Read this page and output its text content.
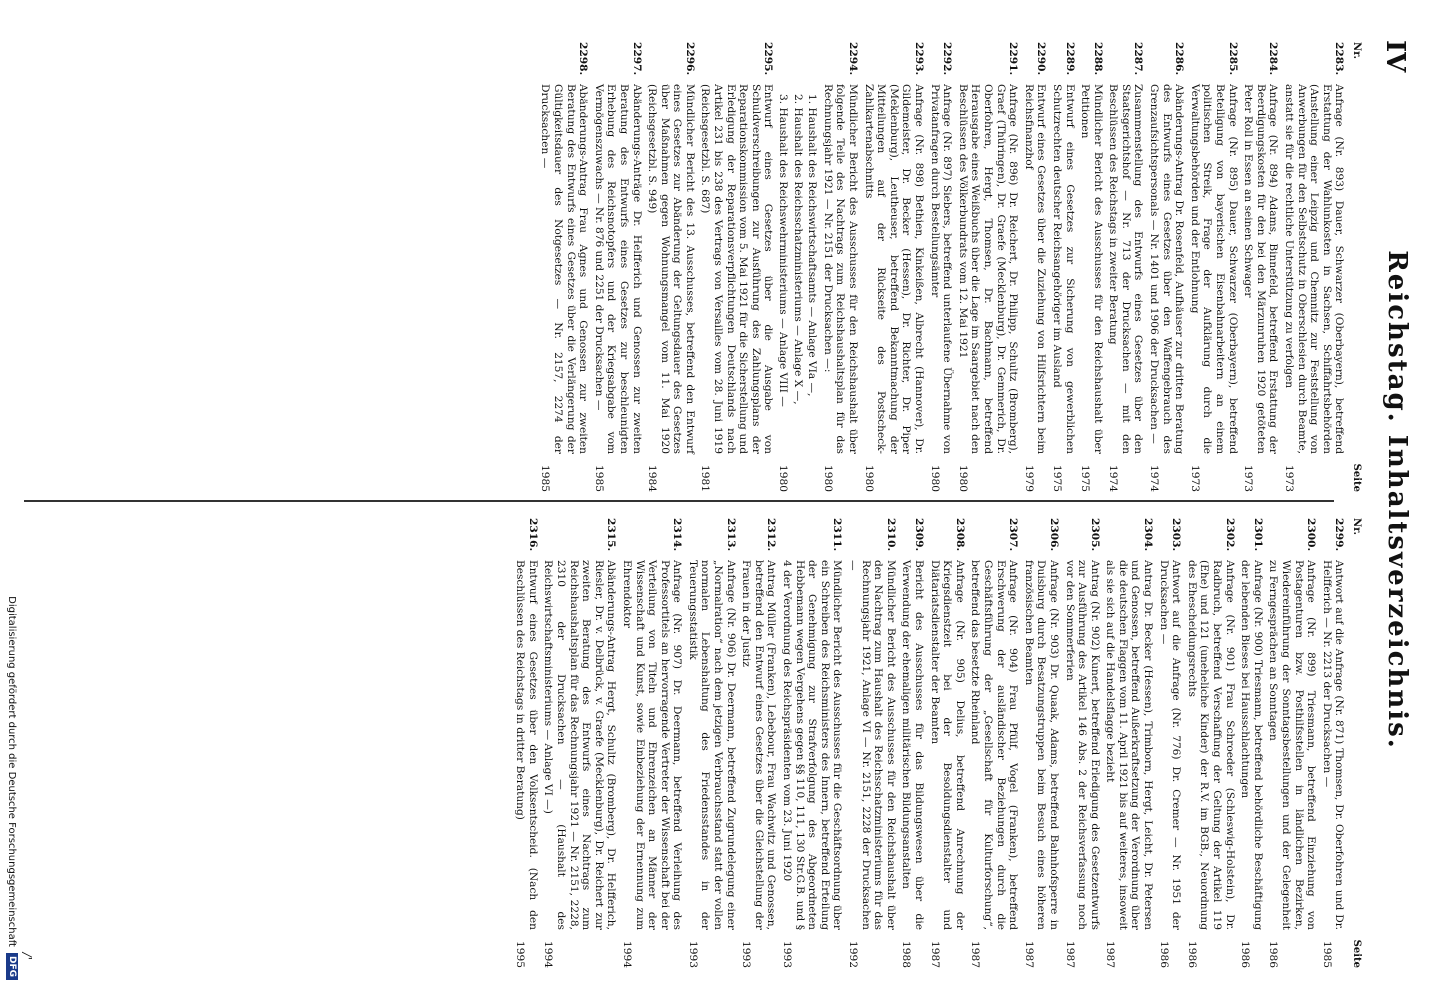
IV
Reichstag. Inhaltsverzeichnis.
Nr.
Seite
2283.
Anfrage (Nr. 893) Dauer, Schwarzer (Oberbayern), betreffend Erstattung der Wahlunkosten in Sachsen, Schiffahrtsbehörden (Anstellung einer Leipzig und Chemnitz zur Feststellung von Anwerbungen für den Selbstschutz in Oberschlesien durch Beamte, anstatt sie für die rechtliche Unterstützung zu verfolgen
1973
2284.
Anfrage (Nr. 894) Adams, Binnefeld, betreffend Erstattung der Beerdigungskosten für den bei den Märzunruhen 1920 getöteten Peter Roll in Essen an seinen Schwager
1973
2285.
Anfrage (Nr. 895) Dauer, Schwarzer (Oberbayern), betreffend Beteiligung von bayerischen Eisenbahnarbeitern an einem politischen Streik, Frage der Aufklärung durch die Verwaltungsbehörden und der Entlohnung
1973
2286.
Abänderungs-Antrag Dr. Rosenfeld, Aufhäuser zur dritten Beratung des Entwurfs eines Gesetzes über den Waffengebrauch des Grenzaufsichtspersonals — Nr. 1401 und 1906 der Drucksachen —
1974
2287.
Zusammenstellung des Entwurfs eines Gesetzes über den Staatsgerichtshof — Nr. 713 der Drucksachen — mit den Beschlüssen des Reichstags in zweiter Beratung
1974
2288.
Mündlicher Bericht des Ausschusses für den Reichshaushalt über Petitionen
1975
2289.
Entwurf eines Gesetzes zur Sicherung von gewerblichen Schutzrechten deutscher Reichsangehöriger im Ausland
1975
2290.
Entwurf eines Gesetzes über die Zuziehung von Hilfsrichtern beim Reichsfinanzhof
1979
2291.
Anfrage (Nr. 896) Dr. Reichert, Dr. Philipp, Schultz (Bromberg), Graef (Thüringen), Dr. Graefe (Mecklenburg), Dr. Gemmerich, Dr. Oberfohren, Hergt, Thomsen, Dr. Bachmann, betreffend Herausgabe eines Weißbuchs über die Lage im Saargebiet nach den Beschlüssen des Völkerbundrats vom 12. Mai 1921
1980
2292.
Anfrage (Nr. 897) Siebers, betreffend unterlaufene Übernahme von Privatanfragen durch Bestellungsämter
1980
2293.
Anfrage (Nr. 898) Bethien, Kinkeißen, Albrecht (Hannover), Dr. Gildemeister, Dr. Becker (Hessen), Dr. Richter, Dr. Piper (Meklenburg), Leutheuser, betreffend Bekanntmachung der Mitteilungen auf der Rückseite des Postscheck-Zahlkartenabschnitts
1980
2294.
Mündlicher Bericht des Ausschusses für den Reichshaushalt über folgende Teile des Nachtrags zum Reichshaushaltsplan für das Rechnungsjahr 1921 — Nr. 2151 der Drucksachen —:
1980
1. Haushalt des Reichswirtschaftsamts — Anlage VIa —,
2. Haushalt des Reichsschatzministeriums — Anlage X —,
3. Haushalt des Reichswehrministeriums — Anlage VIII —
1980
2295.
Entwurf eines Gesetzes über die Ausgabe von Schuldverschreibungen zur Ausführung des Zahlungsplans der Reparationskommission vom 5. Mai 1921 für die Sicherstellung und Erledigung der Reparationsverpflichtungen Deutschlands nach Artikel 231 bis 238 des Vertrags von Versailles vom 28. Juni 1919 (Reichsgesetzbl. S. 687)
1981
2296.
Mündlicher Bericht des 13. Ausschusses, betreffend den Entwurf eines Gesetzes zur Abänderung der Geltungsdauer des Gesetzes über Maßnahmen gegen Wohnungsmangel vom 11. Mai 1920 (Reichsgesetzbl. S. 949)
1984
2297.
Abänderungs-Anträge Dr. Helfferich und Genossen zur zweiten Beratung des Entwurfs eines Gesetzes zur beschleunigten Erhebung des Reichsnotopfers und der Kriegsabgabe vom Vermögenszuwachs — Nr. 876 und 2251 der Drucksachen —
1985
2298.
Abänderungs-Antrag Frau Agnes und Genossen zur zweiten Beratung des Entwurfs eines Gesetzes über die Verlängerung der Gültigkeitsdauer des Notgesetzes — Nr. 2157, 2274 der Drucksachen —
1985
Nr.
Seite
2299.
Antwort auf die Anfrage (Nr. 871) Thomsen, Dr. Oberfohren und Dr. Helfferich — Nr. 2213 der Drucksachen —
1985
2300.
Anfrage (Nr. 899) Triesmann, betreffend Einziehung von Postagenturen bzw. Posthilfsstellen in ländlichen Bezirken, Wiedereinführung der Sonntagsbestellungen und der Gelegenheit zu Ferngesprächen an Sonntagen
1986
2301.
Anfrage (Nr. 900) Triesmann, betreffend behördliche Beschäftigung der lebenden Bieses bei Hausschlachtungen
1986
2302.
Anfrage (Nr. 901) Frau Schroeder (Schleswig-Holstein), Dr. Radbruch, betreffend Verschaffung der Geltung der Artikel 119 (Ehe) und 121 (uneheliche Kinder) der R.V. im BGB., Neuordnung des Ehescheidungsrechts
1986
2303.
Antwort auf die Anfrage (Nr. 776) Dr. Cremer — Nr. 1951 der Drucksachen —
1986
2304.
Antrag Dr. Becker (Hessen), Trimborn, Hergt, Leicht, Dr. Petersen und Genossen, betreffend Außerkraftsetzung der Verordnung über die deutschen Flaggen vom 11. April 1921 bis auf weiteres, insoweit als sie sich auf die Handelsflagge bezieht
1987
2305.
Antrag (Nr. 902) Kunert, betreffend Erledigung des Gesetzentwurfs zur Ausführung des Artikel 146 Abs. 2 der Reichsverfassung noch vor den Sommerferien
1987
2306.
Anfrage (Nr. 903) Dr. Quaak, Adams, betreffend Bahnhofsperre in Duisburg durch Besatzungstruppen beim Besuch eines höheren französischen Beamten
1987
2307.
Anfrage (Nr. 904) Frau Pfülf, Vogel (Franken), betreffend Erschwerung der ausländischer Beziehungen durch die Geschäftsführung der „Gesellschaft für Kulturforschung“, betreffend das besetzte Rheinland
1987
2308.
Anfrage (Nr. 905) Delius, betreffend Anrechnung der Kriegsdienstzeit bei der Besoldungsdienstalter und Diätariatsdienstalter der Beamten
1987
2309.
Bericht des Ausschusses für das Bildungswesen über die Verwendung der ehemaligen militärischen Bildungsanstalten
1988
2310.
Mündlicher Bericht des Ausschusses für den Reichshaushalt über den Nachtrag zum Haushalt des Reichsschatzministeriums für das Rechnungsjahr 1921, Anlage VI — Nr. 2151, 2228 der Drucksachen —
1992
2311.
Mündlicher Bericht des Ausschusses für die Geschäftsordnung über ein Schreiben des Reichsministers des Innern, betreffend Erteilung der Genehmigung zur Strafverfolgung des Abgeordneten Hebbemann wegen Vergehens gegen §§ 110, 111, 130 Str.G.B. und § 4 der Verordnung des Reichspräsidenten vom 23. Juni 1920
1993
2312.
Antrag Müller (Franken), Lebebour, Frau Wachwitz und Genossen, betreffend den Entwurf eines Gesetzes über die Gleichstellung der Frauen in der Justiz
1993
2313.
Anfrage (Nr. 906) Dr. Deermann, betreffend Zugrundelegung einer „Normalration“ nach dem jetzigen Verbrauchsstand statt der vollen normalen Lebenshaltung des Friedensstandes in der Teuerungsstatistik
1993
2314.
Anfrage (Nr. 907) Dr. Deermann, betreffend Verleihung des Professortitels an hervorragende Vertreter der Wissenschaft bei der Verteilung von Titeln und Ehrenzeichen an Männer der Wissenschaft und Kunst, sowie Einbeziehung der Ernennung zum Ehrendoktor
1994
2315.
Abänderungs-Antrag Hergt, Schultz (Bromberg), Dr. Helfferich, Riesler, Dr. v. Delbrück, v. Graefe (Mecklenburg), Dr. Reichert zur zweiten Beratung des Entwurfs eines Nachtrags zum Reichshaushaltsplan für das Rechnungsjahr 1921 — Nr. 2151, 2228, 2310 der Drucksachen — (Haushalt des Reichswirtschaftsministeriums — Anlage VI —)
1994
2316.
Entwurf eines Gesetzes über den Volksentscheid. (Nach den Beschlüssen des Reichstags in dritter Beratung)
1995
/'
Digitalisierung gefördert durch die Deutsche Forschungsgemeinschaft
DFG
